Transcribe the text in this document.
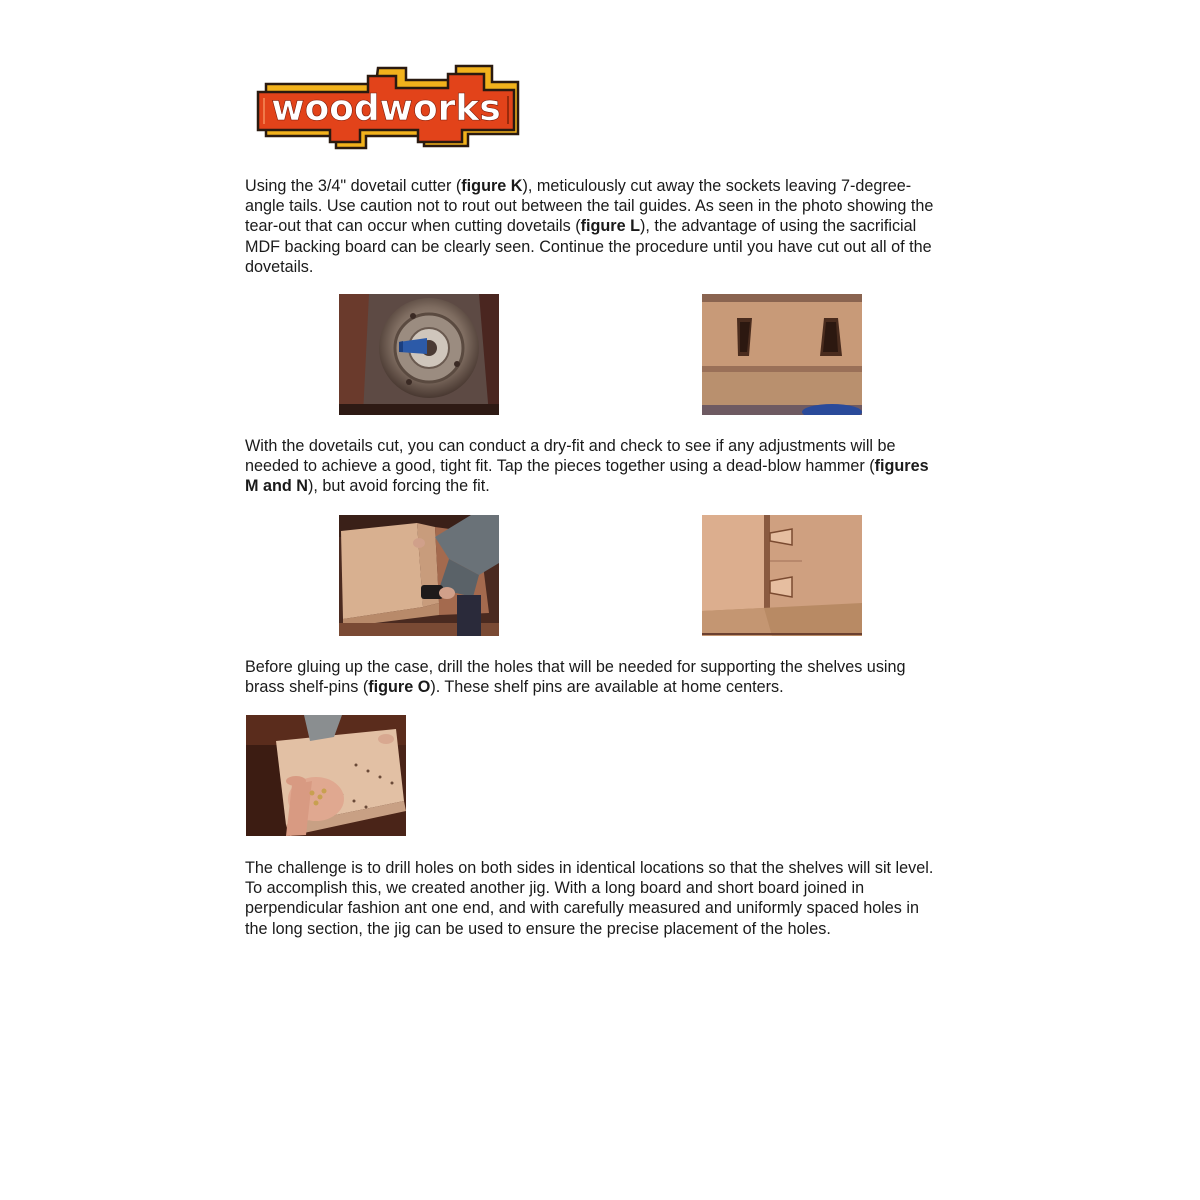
woodworks

Using the 3/4" dovetail cutter (figure K), meticulously cut away the sockets leaving 7-degree-angle tails. Use caution not to rout out between the tail guides. As seen in the photo showing the tear-out that can occur when cutting dovetails (figure L), the advantage of using the sacrificial MDF backing board can be clearly seen. Continue the procedure until you have cut out all of the dovetails.

With the dovetails cut, you can conduct a dry-fit and check to see if any adjustments will be needed to achieve a good, tight fit. Tap the pieces together using a dead-blow hammer (figures M and N), but avoid forcing the fit.

Before gluing up the case, drill the holes that will be needed for supporting the shelves using brass shelf-pins (figure O). These shelf pins are available at home centers.

The challenge is to drill holes on both sides in identical locations so that the shelves will sit level. To accomplish this, we created another jig. With a long board and short board joined in perpendicular fashion ant one end, and with carefully measured and uniformly spaced holes in the long section, the jig can be used to ensure the precise placement of the holes.
